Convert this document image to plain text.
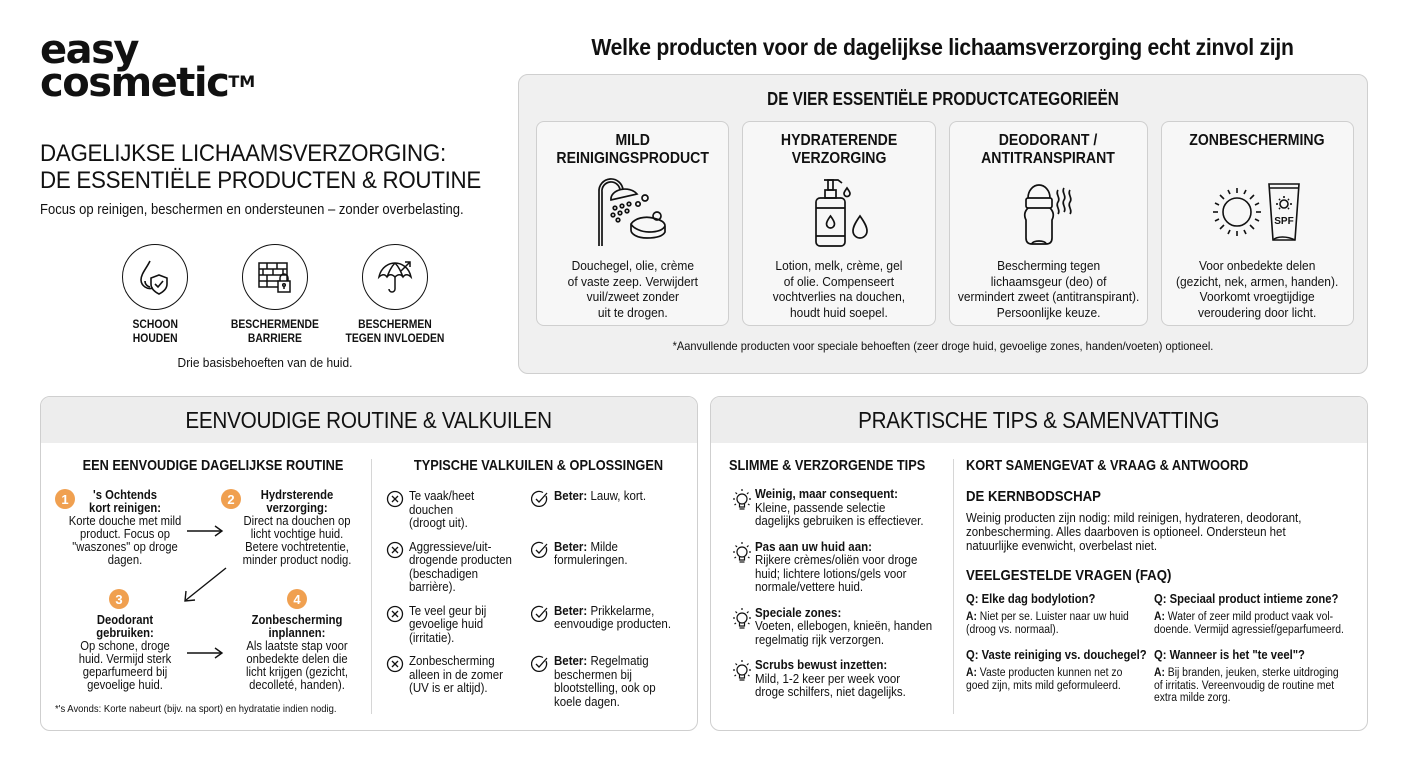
easy
cosmetic™
DAGELIJKSE LICHAAMSVERZORGING:
DE ESSENTIËLE PRODUCTEN & ROUTINE
Focus op reinigen, beschermen en ondersteunen – zonder overbelasting.
SCHOON
HOUDEN
BESCHERMENDE
BARRIERE
BESCHERMEN
TEGEN INVLOEDEN
Drie basisbehoeften van de huid.
Welke producten voor de dagelijkse lichaamsverzorging echt zinvol zijn
DE VIER ESSENTIËLE PRODUCTCATEGORIEËN
MILD
REINIGINGSPRODUCT
Douchegel, olie, crème
of vaste zeep. Verwijdert
vuil/zweet zonder
uit te drogen.
HYDRATERENDE
VERZORGING
Lotion, melk, crème, gel
of olie. Compenseert
vochtverlies na douchen,
houdt huid soepel.
DEODORANT /
ANTITRANSPIRANT
Bescherming tegen
lichaamsgeur (deo) of
vermindert zweet (antitranspirant).
Persoonlijke keuze.
ZONBESCHERMING
SPF
Voor onbedekte delen
(gezicht, nek, armen, handen).
Voorkomt vroegtijdige
veroudering door licht.
*Aanvullende producten voor speciale behoeften (zeer droge huid, gevoelige zones, handen/voeten) optioneel.
EENVOUDIGE ROUTINE & VALKUILEN
EEN EENVOUDIGE DAGELIJKSE ROUTINE
1	's Ochtends
kort reinigen:
Korte douche met mild
product. Focus op
"waszones" op droge
dagen.
2	Hydrsterende
verzorging:
Direct na douchen op
licht vochtige huid.
Betere vochtretentie,
minder product nodig.
3
Deodorant
gebruiken:
Op schone, droge
huid. Vermijd sterk
geparfumeerd bij
gevoelige huid.
4
Zonbescherming
inplannen:
Als laatste stap voor
onbedekte delen die
licht krijgen (gezicht,
decolleté, handen).
*'s Avonds: Korte nabeurt (bijv. na sport) en hydratatie indien nodig.
TYPISCHE VALKUILEN & OPLOSSINGEN
Te vaak/heet
douchen
(droogt uit).
Beter: Lauw, kort.
Aggressieve/uit-
drogende producten
(beschadigen
barrière).
Beter: Milde
formuleringen.
Te veel geur bij
gevoelige huid
(irritatie).
Beter: Prikkelarme,
eenvoudige producten.
Zonbescherming
alleen in de zomer
(UV is er altijd).
Beter: Regelmatig
beschermen bij
blootstelling, ook op
koele dagen.
PRAKTISCHE TIPS & SAMENVATTING
SLIMME & VERZORGENDE TIPS
Weinig, maar consequent:
Kleine, passende selectie
dagelijks gebruiken is effectiever.
Pas aan uw huid aan:
Rijkere crèmes/oliën voor droge
huid; lichtere lotions/gels voor
normale/vettere huid.
Speciale zones:
Voeten, ellebogen, knieën, handen
regelmatig rijk verzorgen.
Scrubs bewust inzetten:
Mild, 1-2 keer per week voor
droge schilfers, niet dagelijks.
KORT SAMENGEVAT & VRAAG & ANTWOORD
DE KERNBODSCHAP
Weinig producten zijn nodig: mild reinigen, hydrateren, deodorant,
zonbescherming. Alles daarboven is optioneel. Ondersteun het
natuurlijke evenwicht, overbelast niet.
VEELGESTELDE VRAGEN (FAQ)
Q: Elke dag bodylotion?
A: Niet per se. Luister naar uw huid
(droog vs. normaal).
Q: Speciaal product intieme zone?
A: Water of zeer mild product vaak vol-
doende. Vermijd agressief/geparfumeerd.
Q: Vaste reiniging vs. douchegel?
A: Vaste producten kunnen net zo
goed zijn, mits mild geformuleerd.
Q: Wanneer is het "te veel"?
A: Bij branden, jeuken, sterke uitdroging
of irritatis. Vereenvoudig de routine met
extra milde zorg.
